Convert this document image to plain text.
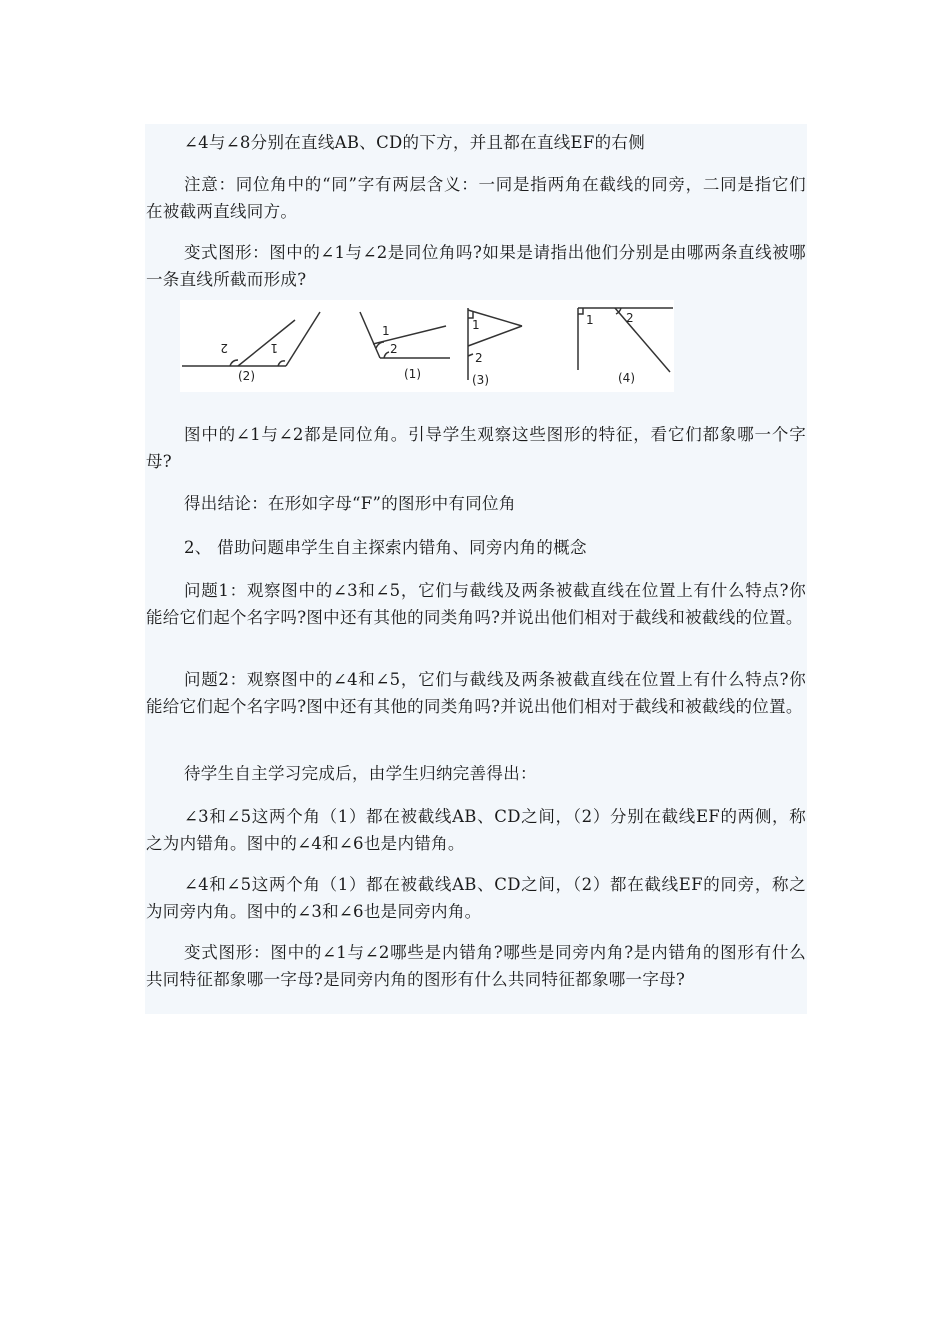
∠4与∠8分别在直线AB、CD的下方，并且都在直线EF的右侧

注意：同位角中的“同”字有两层含义：一同是指两角在截线的同旁，二同是指它们在被截两直线同方。

变式图形：图中的∠1与∠2是同位角吗?如果是请指出他们分别是由哪两条直线被哪一条直线所截而形成?

2	1
(2)
1
2
(1)
1
2
(3)
1	2
(4)

图中的∠1与∠2都是同位角。引导学生观察这些图形的特征，看它们都象哪一个字母?

得出结论：在形如字母“F”的图形中有同位角

2、 借助问题串学生自主探索内错角、同旁内角的概念

问题1：观察图中的∠3和∠5，它们与截线及两条被截直线在位置上有什么特点?你能给它们起个名字吗?图中还有其他的同类角吗?并说出他们相对于截线和被截线的位置。

问题2：观察图中的∠4和∠5，它们与截线及两条被截直线在位置上有什么特点?你能给它们起个名字吗?图中还有其他的同类角吗?并说出他们相对于截线和被截线的位置。

待学生自主学习完成后，由学生归纳完善得出：

∠3和∠5这两个角（1）都在被截线AB、CD之间，（2）分别在截线EF的两侧，称之为内错角。图中的∠4和∠6也是内错角。

∠4和∠5这两个角（1）都在被截线AB、CD之间，（2）都在截线EF的同旁，称之为同旁内角。图中的∠3和∠6也是同旁内角。

变式图形：图中的∠1与∠2哪些是内错角?哪些是同旁内角?是内错角的图形有什么共同特征都象哪一字母?是同旁内角的图形有什么共同特征都象哪一字母?
